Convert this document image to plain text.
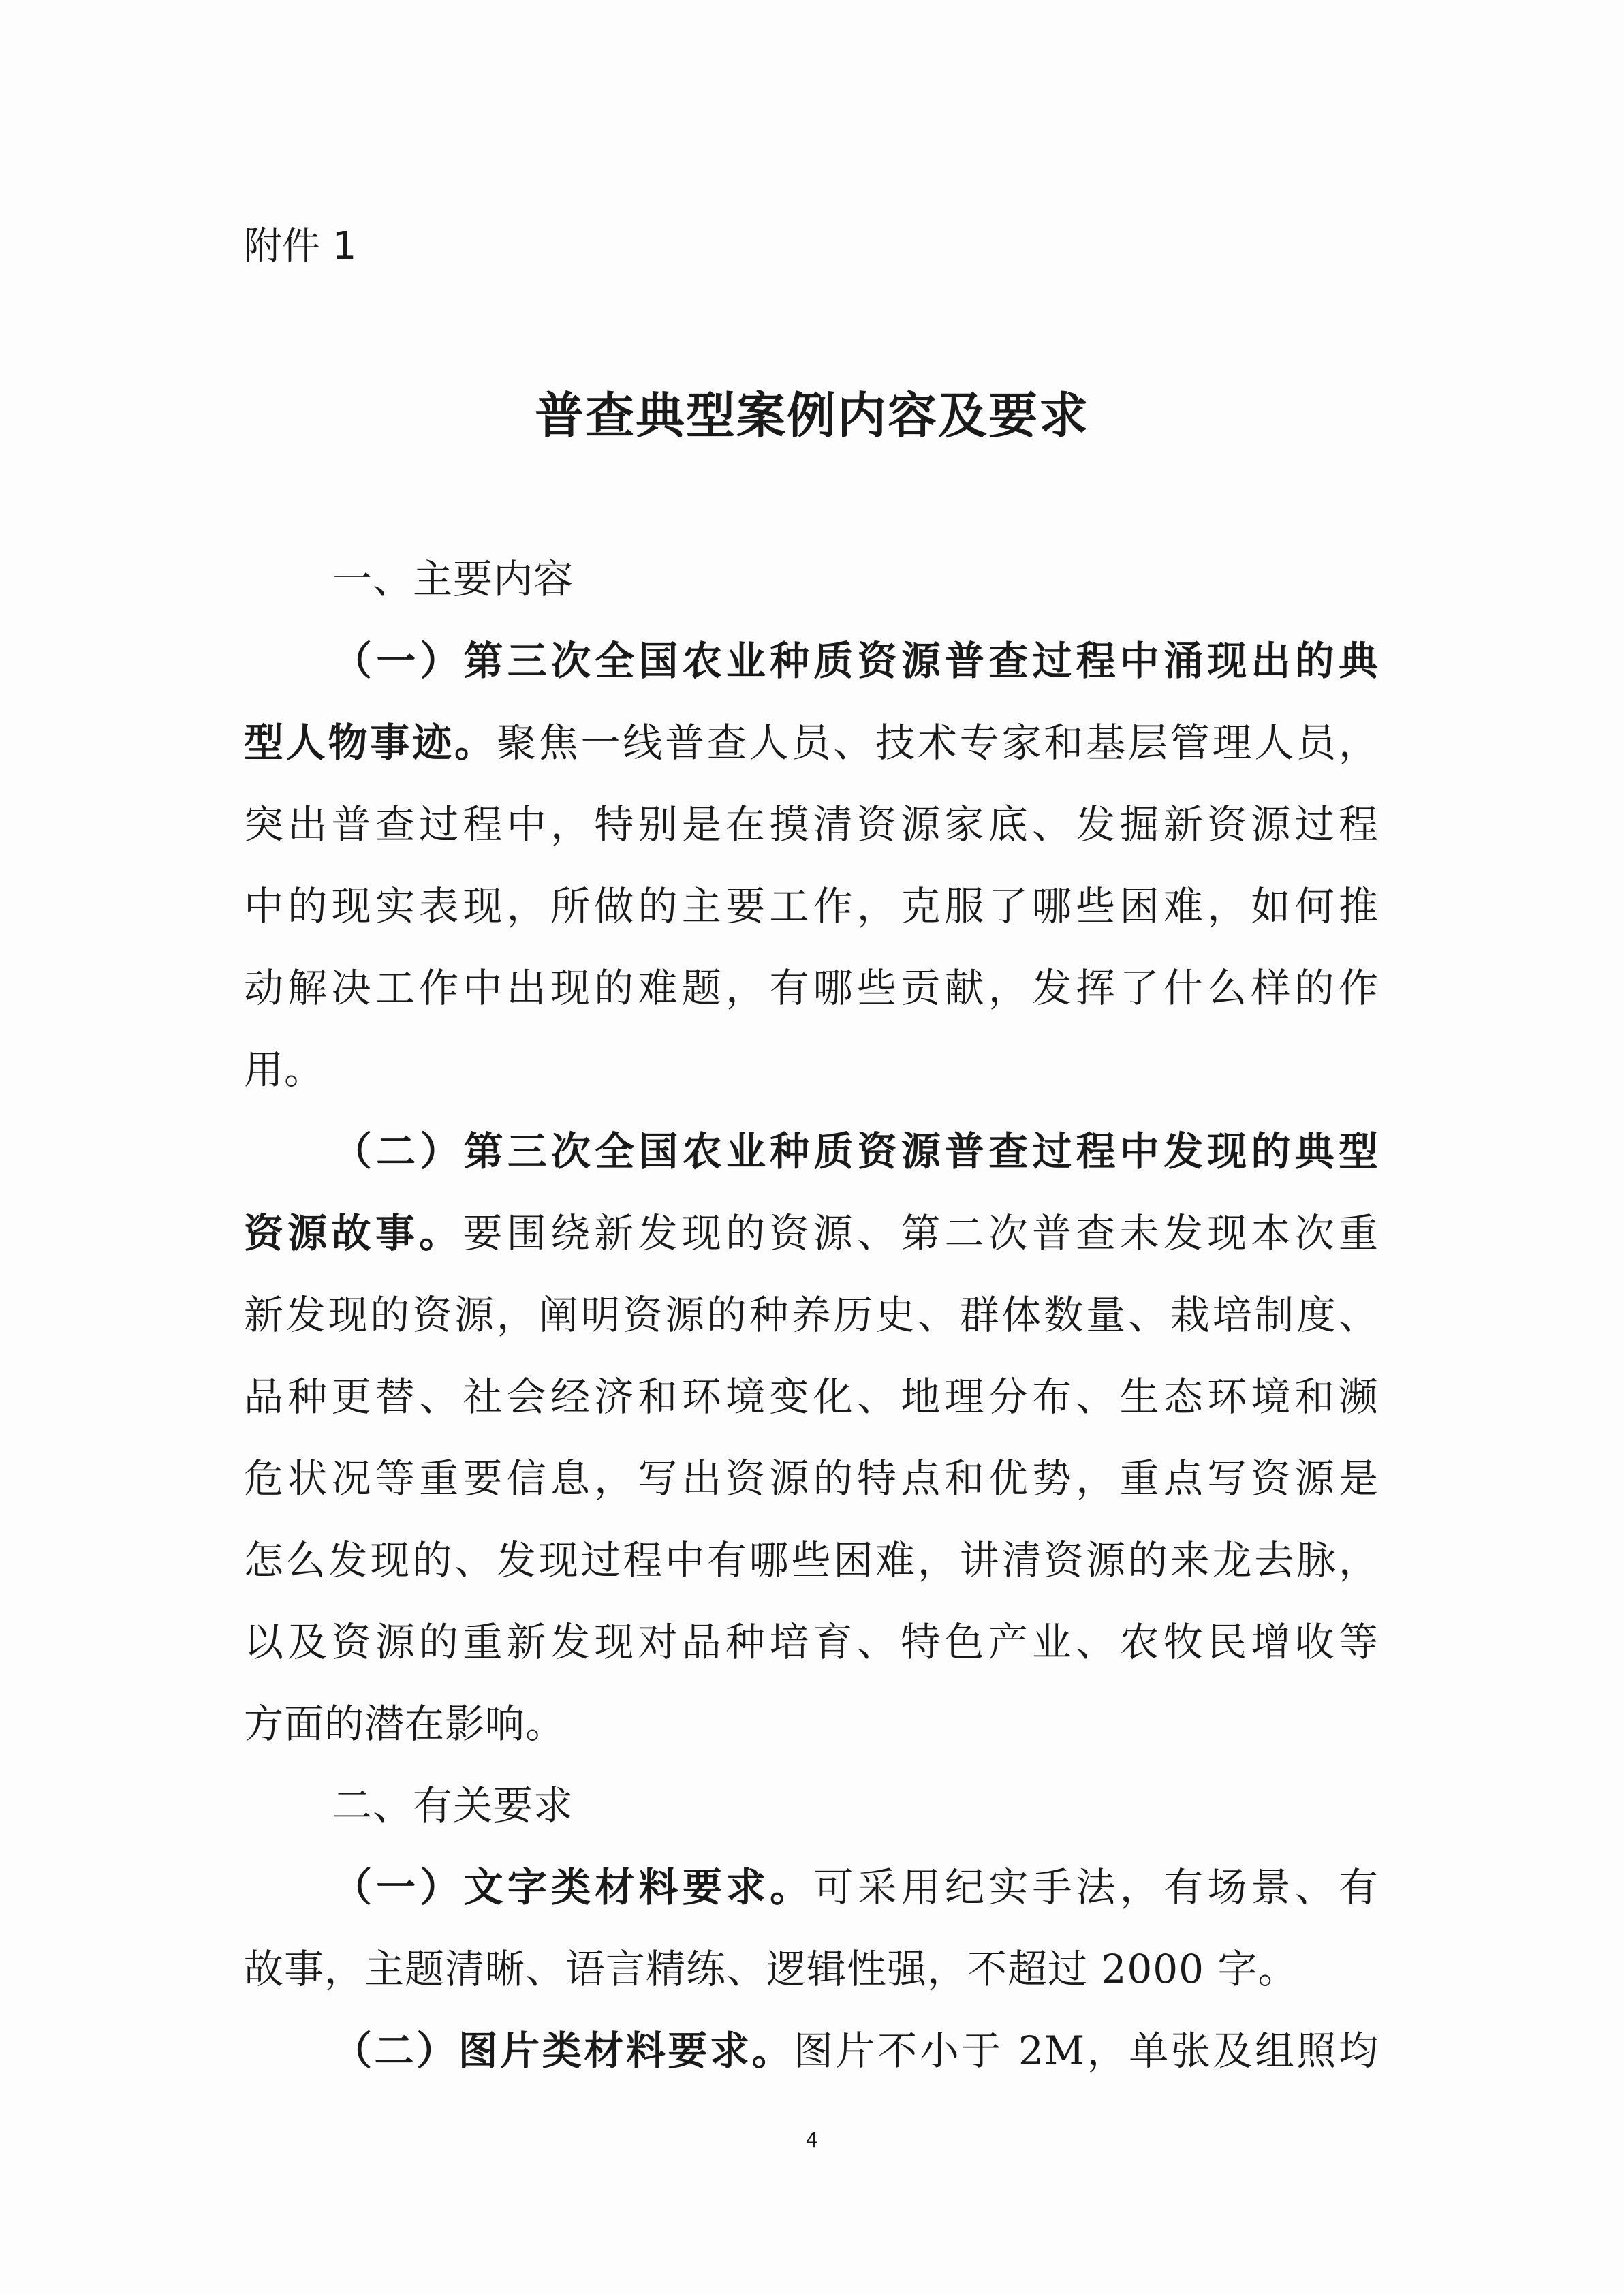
附件 1
普查典型案例内容及要求
一、主要内容
（一）第三次全国农业种质资源普查过程中涌现出的典
型人物事迹。聚焦一线普查人员、技术专家和基层管理人员，
突出普查过程中，特别是在摸清资源家底、发掘新资源过程
中的现实表现，所做的主要工作，克服了哪些困难，如何推
动解决工作中出现的难题，有哪些贡献，发挥了什么样的作
用。
（二）第三次全国农业种质资源普查过程中发现的典型
资源故事。要围绕新发现的资源、第二次普查未发现本次重
新发现的资源，阐明资源的种养历史、群体数量、栽培制度、
品种更替、社会经济和环境变化、地理分布、生态环境和濒
危状况等重要信息，写出资源的特点和优势，重点写资源是
怎么发现的、发现过程中有哪些困难，讲清资源的来龙去脉，
以及资源的重新发现对品种培育、特色产业、农牧民增收等
方面的潜在影响。
二、有关要求
（一）文字类材料要求。可采用纪实手法，有场景、有
故事，主题清晰、语言精练、逻辑性强，不超过 2000 字。
（二）图片类材料要求。图片不小于 2M，单张及组照均
4
